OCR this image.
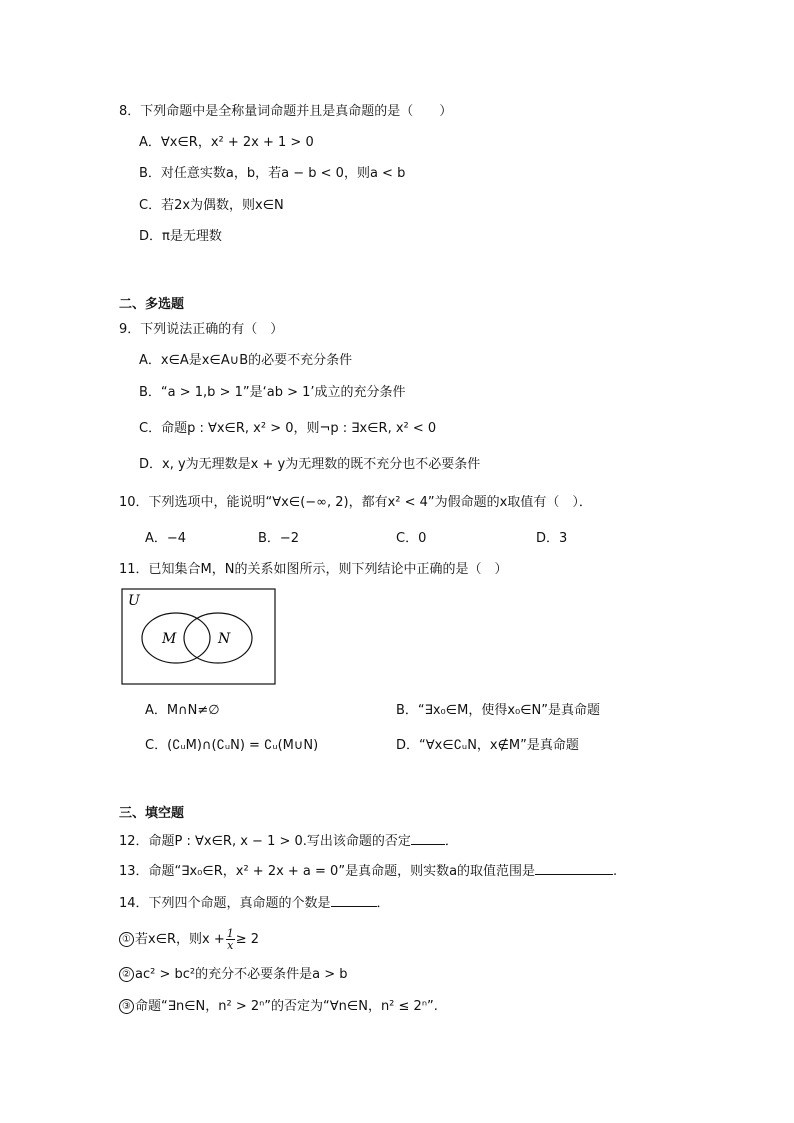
8．下列命题中是全称量词命题并且是真命题的是（　　）
A．∀x∈R，x² + 2x + 1 > 0
B．对任意实数a，b，若a − b < 0，则a < b
C．若2x为偶数，则x∈N
D．π是无理数
二、多选题
9．下列说法正确的有（　）
A．x∈A是x∈A∪B的必要不充分条件
B．“a > 1,b > 1”是‘ab > 1’成立的充分条件
C．命题p : ∀x∈R, x² > 0，则¬p : ∃x∈R, x² < 0
D．x, y为无理数是x + y为无理数的既不充分也不必要条件
10．下列选项中，能说明“∀x∈(−∞, 2)，都有x² < 4”为假命题的x取值有（　）．
A．−4	B．−2	C．0	D．3
11．已知集合M，N的关系如图所示，则下列结论中正确的是（　）
U
M	N
A．M∩N≠∅	B．“∃x₀∈M，使得x₀∈N”是真命题
C．(∁ᵤM)∩(∁ᵤN) = ∁ᵤ(M∪N)	D．“∀x∈∁ᵤN，x∉M”是真命题
三、填空题
12．命题P : ∀x∈R, x − 1 > 0.写出该命题的否定	．
13．命题“∃x₀∈R，x² + 2x + a = 0”是真命题，则实数a的取值范围是	.
14．下列四个命题，真命题的个数是	．
① 若x∈R，则$x + \frac{1}{x} \ge 2$
② ac² > bc²的充分不必要条件是a > b
③ 命题“∃n∈N，n² > 2ⁿ”的否定为“∀n∈N，n² ≤ 2ⁿ”.
